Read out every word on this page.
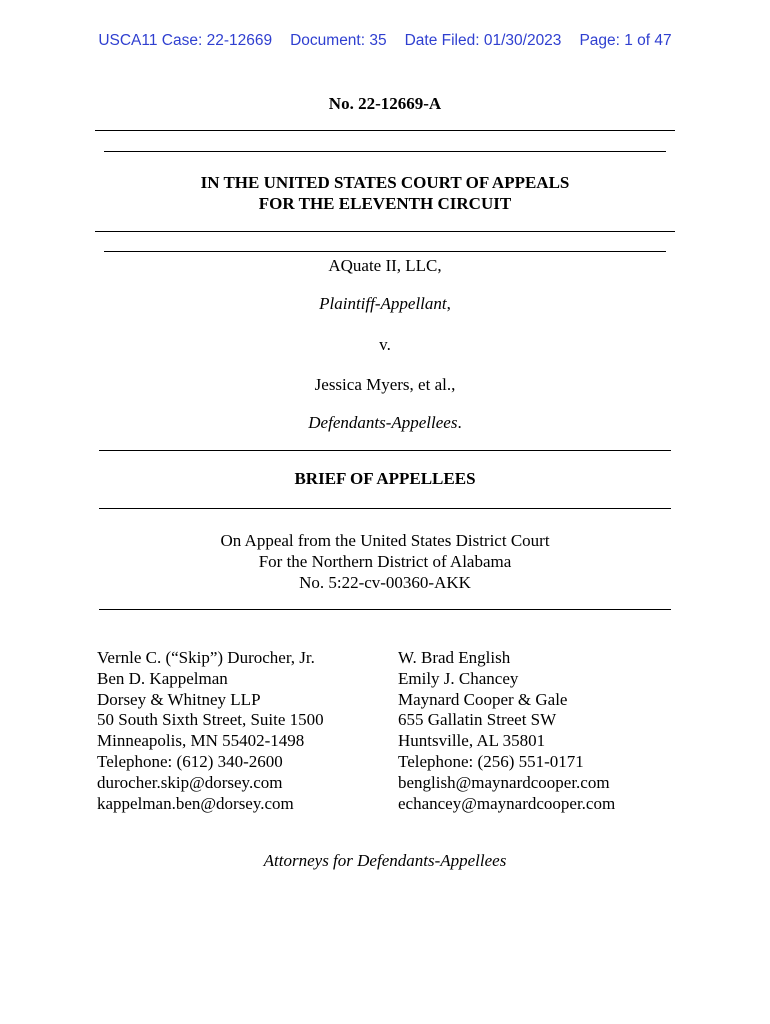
USCA11 Case: 22-12669 Document: 35 Date Filed: 01/30/2023 Page: 1 of 47
No. 22-12669-A
IN THE UNITED STATES COURT OF APPEALS
FOR THE ELEVENTH CIRCUIT
AQuate II, LLC,
Plaintiff-Appellant,
v.
Jessica Myers, et al.,
Defendants-Appellees.
BRIEF OF APPELLEES
On Appeal from the United States District Court
For the Northern District of Alabama
No. 5:22-cv-00360-AKK
Vernle C. (“Skip”) Durocher, Jr.
Ben D. Kappelman
Dorsey & Whitney LLP
50 South Sixth Street, Suite 1500
Minneapolis, MN 55402-1498
Telephone: (612) 340-2600
durocher.skip@dorsey.com
kappelman.ben@dorsey.com
W. Brad English
Emily J. Chancey
Maynard Cooper & Gale
655 Gallatin Street SW
Huntsville, AL 35801
Telephone: (256) 551-0171
benglish@maynardcooper.com
echancey@maynardcooper.com
Attorneys for Defendants-Appellees
